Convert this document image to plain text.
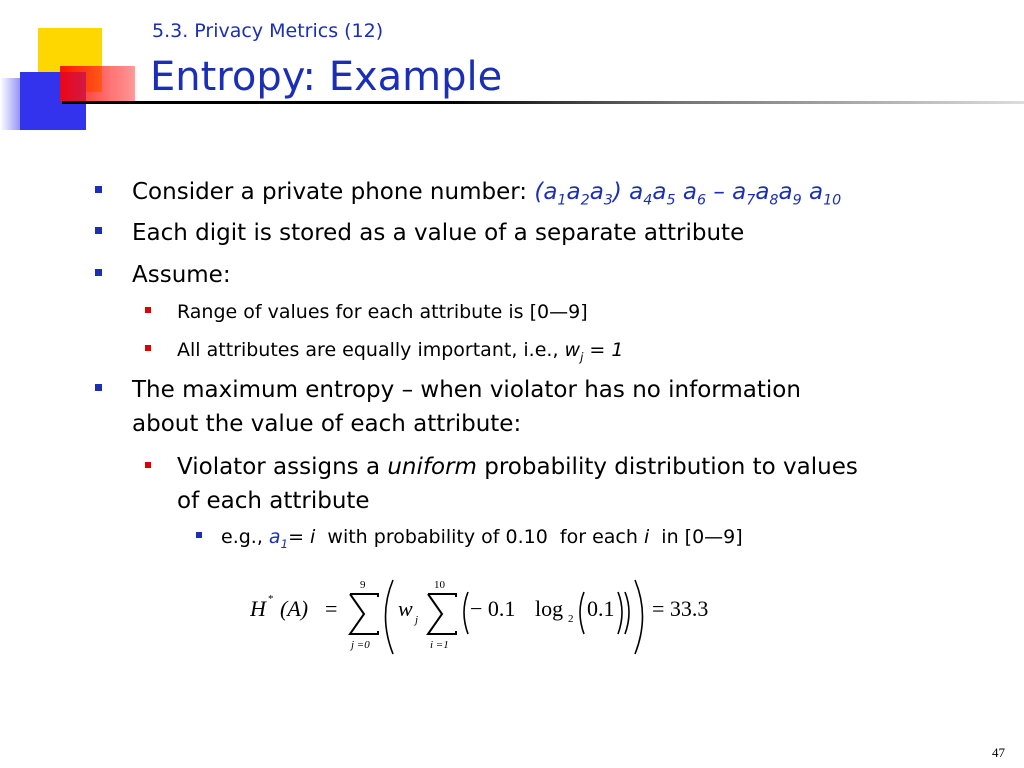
5.3. Privacy Metrics (12)
Entropy: Example
Consider a private phone number: $(a_1a_2a_3)$ $a_4a_5$ $a_6 - a_7a_8a_9$ $a_{10}$
Each digit is stored as a value of a separate attribute
Assume:
Range of values for each attribute is [0—9]
All attributes are equally important, i.e., $w_j = 1$
The maximum entropy – when violator has no information
about the value of each attribute:
Violator assigns a uniform probability distribution to values
of each attribute
e.g., $a_1= i$  with probability of 0.10  for each i  in [0—9]
H * (A) =
9
j =0
w j
10
i =1
− 0.1 log 2 0.1 = 33.3
47
